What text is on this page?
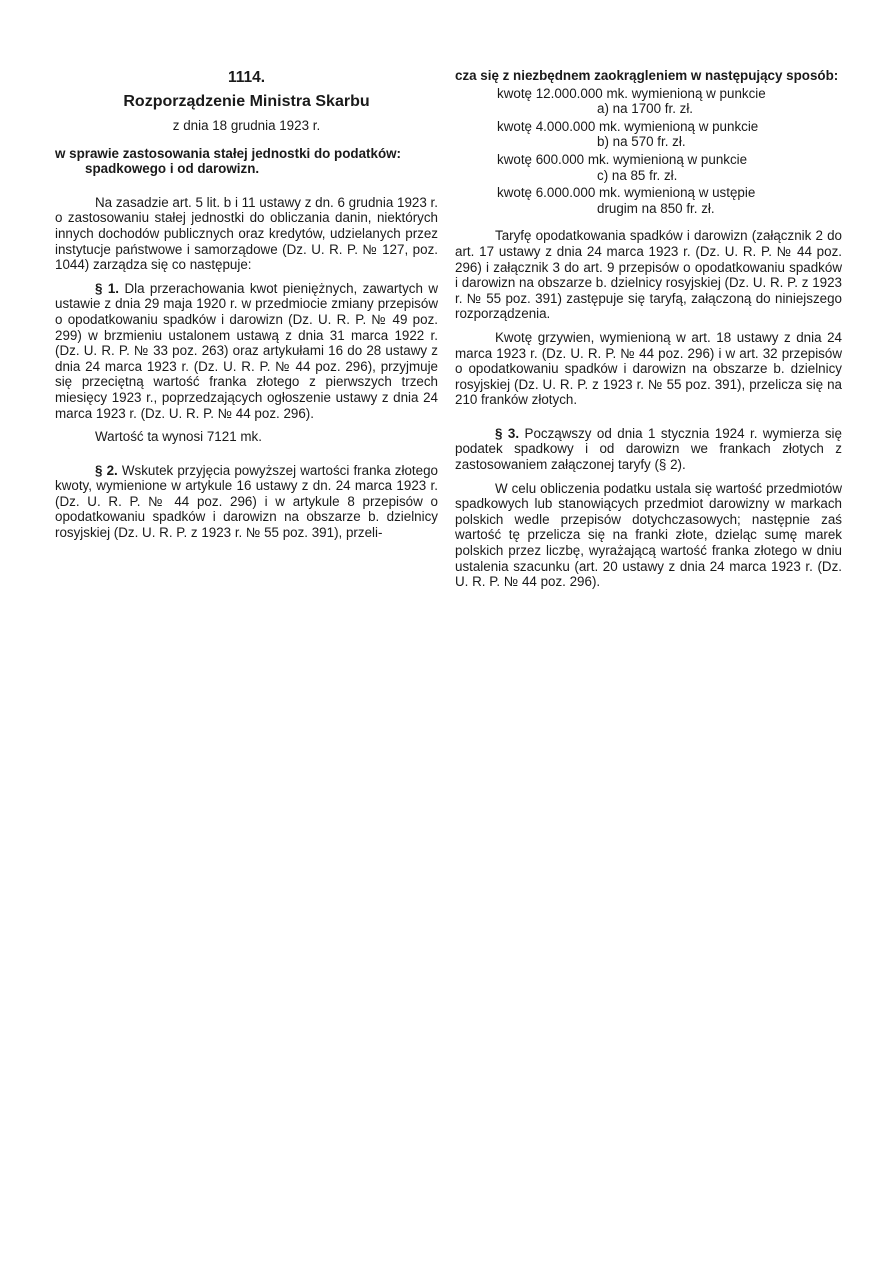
1114.
Rozporządzenie Ministra Skarbu
z dnia 18 grudnia 1923 r.
w sprawie zastosowania stałej jednostki do podatków: spadkowego i od darowizn.

Na zasadzie art. 5 lit. b i 11 ustawy z dn. 6 grudnia 1923 r. o zastosowaniu stałej jednostki do obliczania danin, niektórych innych dochodów publicznych oraz kredytów, udzielanych przez instytucje państwowe i samorządowe (Dz. U. R. P. № 127, poz. 1044) zarządza się co następuje:

§ 1. Dla przerachowania kwot pieniężnych, zawartych w ustawie z dnia 29 maja 1920 r. w przedmiocie zmiany przepisów o opodatkowaniu spadków i darowizn (Dz. U. R. P. № 49 poz. 299) w brzmieniu ustalonem ustawą z dnia 31 marca 1922 r. (Dz. U. R. P. № 33 poz. 263) oraz artykułami 16 do 28 ustawy z dnia 24 marca 1923 r. (Dz. U. R. P. № 44 poz. 296), przyjmuje się przeciętną wartość franka złotego z pierwszych trzech miesięcy 1923 r., poprzedzających ogłoszenie ustawy z dnia 24 marca 1923 r. (Dz. U. R. P. № 44 poz. 296).

Wartość ta wynosi 7121 mk.

§ 2. Wskutek przyjęcia powyższej wartości franka złotego kwoty, wymienione w artykule 16 ustawy z dn. 24 marca 1923 r. (Dz. U. R. P. № 44 poz. 296) i w artykule 8 przepisów o opodatkowaniu spadków i darowizn na obszarze b. dzielnicy rosyjskiej (Dz. U. R. P. z 1923 r. № 55 poz. 391), przeli-

cza się z niezbędnem zaokrągleniem w następujący sposób:

kwotę 12.000.000 mk. wymienioną w punkcie
a) na 1700 fr. zł.
kwotę 4.000.000 mk. wymienioną w punkcie
b) na 570 fr. zł.
kwotę 600.000 mk. wymienioną w punkcie
c) na 85 fr. zł.
kwotę 6.000.000 mk. wymienioną w ustępie
drugim na 850 fr. zł.

Taryfę opodatkowania spadków i darowizn (załącznik 2 do art. 17 ustawy z dnia 24 marca 1923 r. (Dz. U. R. P. № 44 poz. 296) i załącznik 3 do art. 9 przepisów o opodatkowaniu spadków i darowizn na obszarze b. dzielnicy rosyjskiej (Dz. U. R. P. z 1923 r. № 55 poz. 391) zastępuje się taryfą, załączoną do niniejszego rozporządzenia.

Kwotę grzywien, wymienioną w art. 18 ustawy z dnia 24 marca 1923 r. (Dz. U. R. P. № 44 poz. 296) i w art. 32 przepisów o opodatkowaniu spadków i darowizn na obszarze b. dzielnicy rosyjskiej (Dz. U. R. P. z 1923 r. № 55 poz. 391), przelicza się na 210 franków złotych.

§ 3. Począwszy od dnia 1 stycznia 1924 r. wymierza się podatek spadkowy i od darowizn we frankach złotych z zastosowaniem załączonej taryfy (§ 2).

W celu obliczenia podatku ustala się wartość przedmiotów spadkowych lub stanowiących przedmiot darowizny w markach polskich wedle przepisów dotychczasowych; następnie zaś wartość tę przelicza się na franki złote, dzieląc sumę marek polskich przez liczbę, wyrażającą wartość franka złotego w dniu ustalenia szacunku (art. 20 ustawy z dnia 24 marca 1923 r. (Dz. U. R. P. № 44 poz. 296).
